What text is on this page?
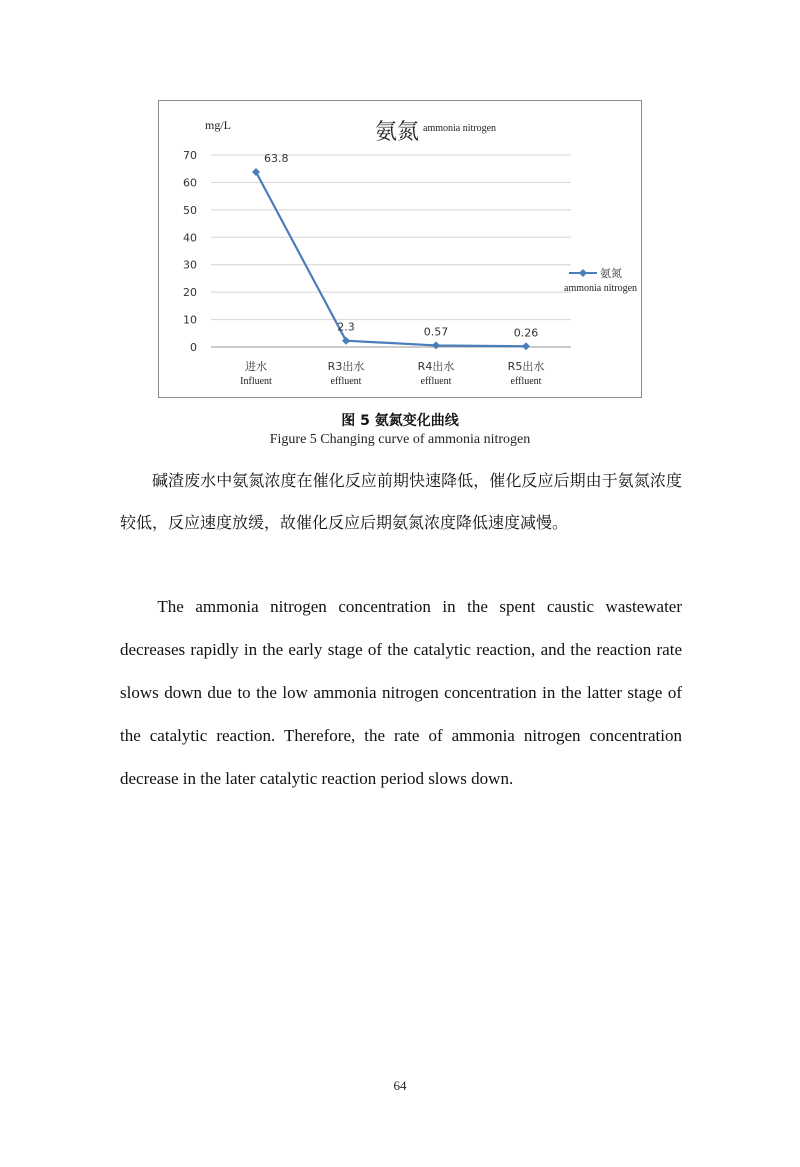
mg/L	氨氮 ammonia nitrogen
0
10
20
30
40
50
60
70
进水
Influent
R3出水
effluent
R4出水
effluent
R5出水
effluent
63.8
2.3	0.57	0.26
氨氮
ammonia nitrogen
图 5 氨氮变化曲线
Figure 5 Changing curve of ammonia nitrogen

碱渣废水中氨氮浓度在催化反应前期快速降低，催化反应后期由于氨氮浓度较低，反应速度放缓，故催化反应后期氨氮浓度降低速度减慢。

The ammonia nitrogen concentration in the spent caustic wastewater decreases rapidly in the early stage of the catalytic reaction, and the reaction rate slows down due to the low ammonia nitrogen concentration in the latter stage of the catalytic reaction. Therefore, the rate of ammonia nitrogen concentration decrease in the later catalytic reaction period slows down.

64
